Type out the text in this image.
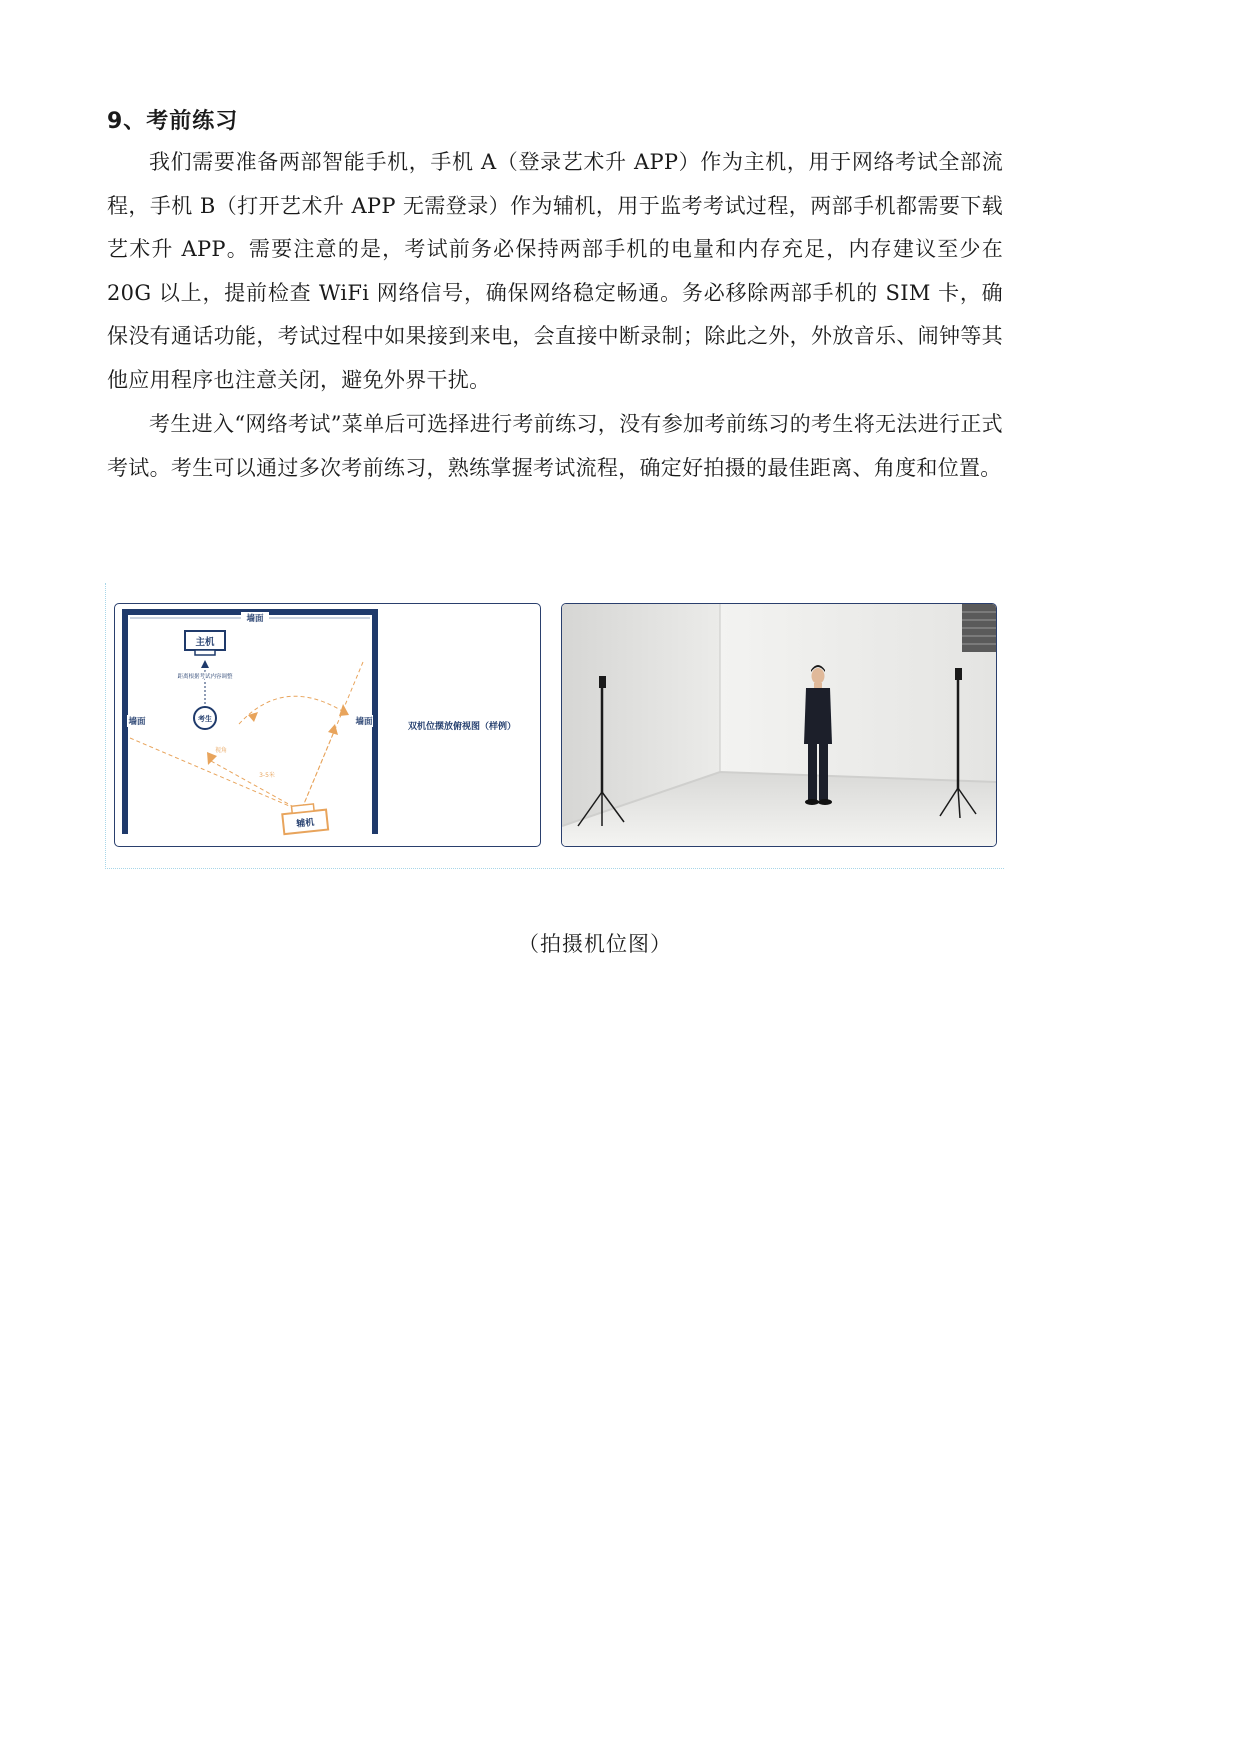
9、考前练习

我们需要准备两部智能手机，手机 A（登录艺术升 APP）作为主机，用于网络考试全部流程，手机 B（打开艺术升 APP 无需登录）作为辅机，用于监考考试过程，两部手机都需要下载艺术升 APP。需要注意的是，考试前务必保持两部手机的电量和内存充足，内存建议至少在 20G 以上，提前检查 WiFi 网络信号，确保网络稳定畅通。务必移除两部手机的 SIM 卡，确保没有通话功能，考试过程中如果接到来电，会直接中断录制；除此之外，外放音乐、闹钟等其他应用程序也注意关闭，避免外界干扰。

考生进入“网络考试”菜单后可选择进行考前练习，没有参加考前练习的考生将无法进行正式考试。考生可以通过多次考前练习，熟练掌握考试流程，确定好拍摄的最佳距离、角度和位置。

墙面
墙面	墙面
主机
距离根据考试内容调整
考生
视角
3-5米
辅机
双机位摆放俯视图（样例）

（拍摄机位图）
